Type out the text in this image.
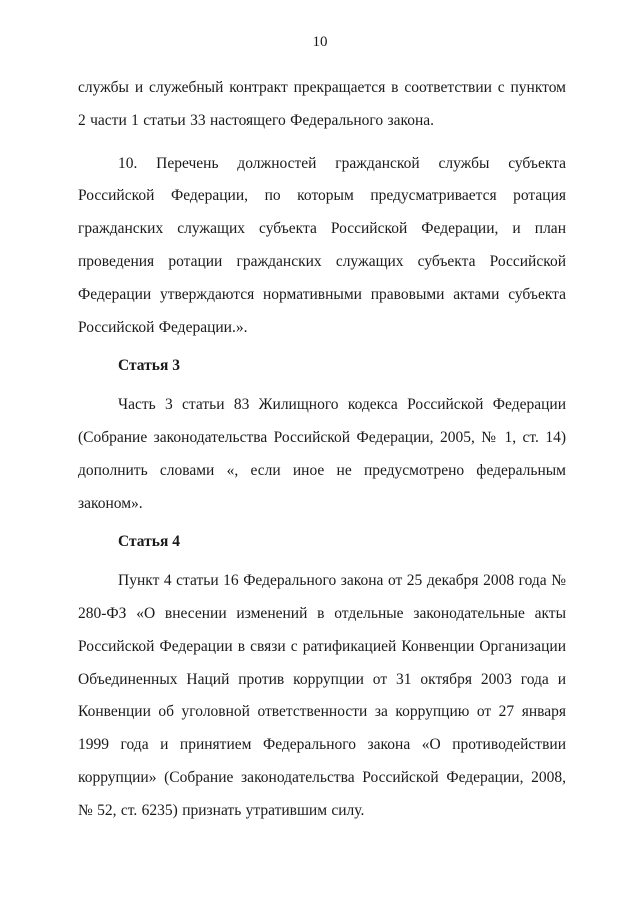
10

службы и служебный контракт прекращается в соответствии с пунктом 2 части 1 статьи 33 настоящего Федерального закона.

10. Перечень должностей гражданской службы субъекта Российской Федерации, по которым предусматривается ротация гражданских служащих субъекта Российской Федерации, и план проведения ротации гражданских служащих субъекта Российской Федерации утверждаются нормативными правовыми актами субъекта Российской Федерации.».

Статья 3

Часть 3 статьи 83 Жилищного кодекса Российской Федерации (Собрание законодательства Российской Федерации, 2005, № 1, ст. 14) дополнить словами «, если иное не предусмотрено федеральным законом».

Статья 4

Пункт 4 статьи 16 Федерального закона от 25 декабря 2008 года № 280-ФЗ «О внесении изменений в отдельные законодательные акты Российской Федерации в связи с ратификацией Конвенции Организации Объединенных Наций против коррупции от 31 октября 2003 года и Конвенции об уголовной ответственности за коррупцию от 27 января 1999 года и принятием Федерального закона «О противодействии коррупции» (Собрание законодательства Российской Федерации, 2008, № 52, ст. 6235) признать утратившим силу.
